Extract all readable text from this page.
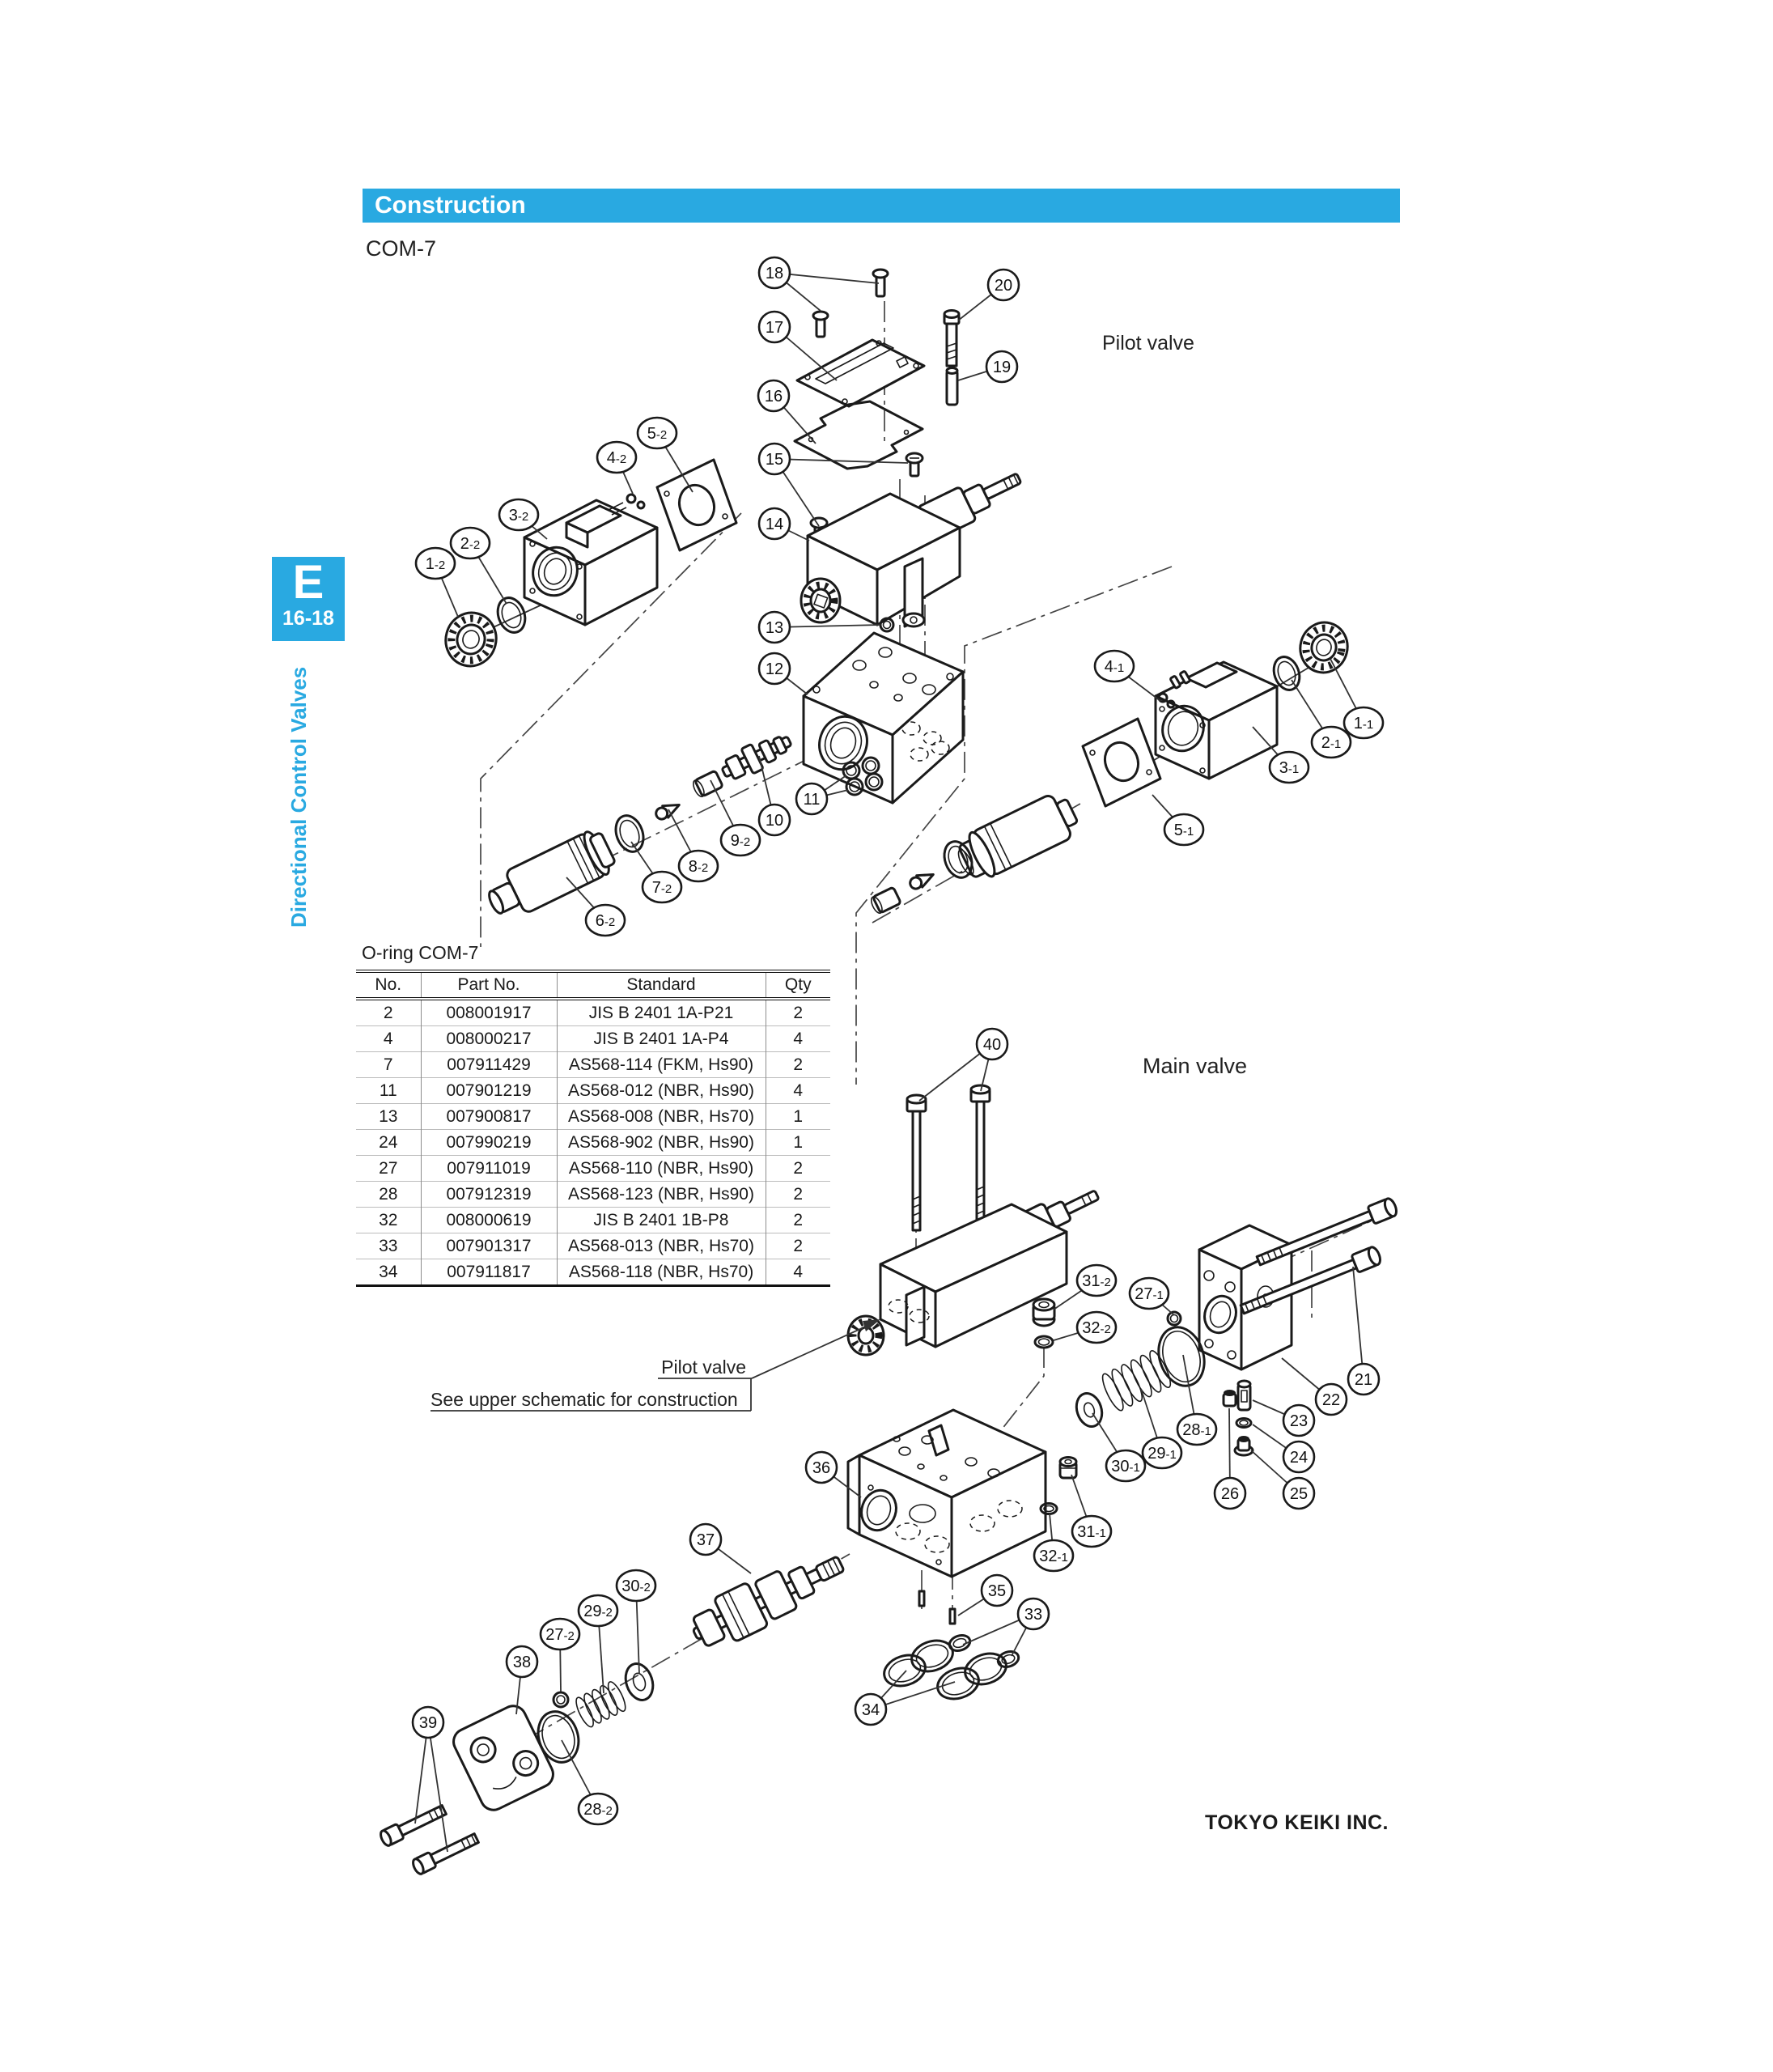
18
20
17
19
16
15
14
13
12
5-2
4-2
3-2
2-2
1-2
11
10
9-2
8-2
7-2
6-2
4-1
1-1
2-1
3-1
5-1
40
31-2
32-2
27-1
21
22
23
24
25
26
28-1
29-1
30-1
36
31-1
32-1
35
33
34
37
30-2
29-2
27-2
38
39
28-2
Pilot valve
Main valve
Pilot valve
See upper schematic for construction
Construction
COM-7
E
16-18
Directional Control Valves
O-ring COM-7
No.	Part No.	Standard	Qty
2	008001917	JIS B 2401 1A-P21	2
4	008000217	JIS B 2401 1A-P4	4
7	007911429	AS568-114 (FKM, Hs90)	2
11	007901219	AS568-012 (NBR, Hs90)	4
13	007900817	AS568-008 (NBR, Hs70)	1
24	007990219	AS568-902 (NBR, Hs90)	1
27	007911019	AS568-110 (NBR, Hs90)	2
28	007912319	AS568-123 (NBR, Hs90)	2
32	008000619	JIS B 2401 1B-P8	2
33	007901317	AS568-013 (NBR, Hs70)	2
34	007911817	AS568-118 (NBR, Hs70)	4
TOKYO KEIKI INC.
